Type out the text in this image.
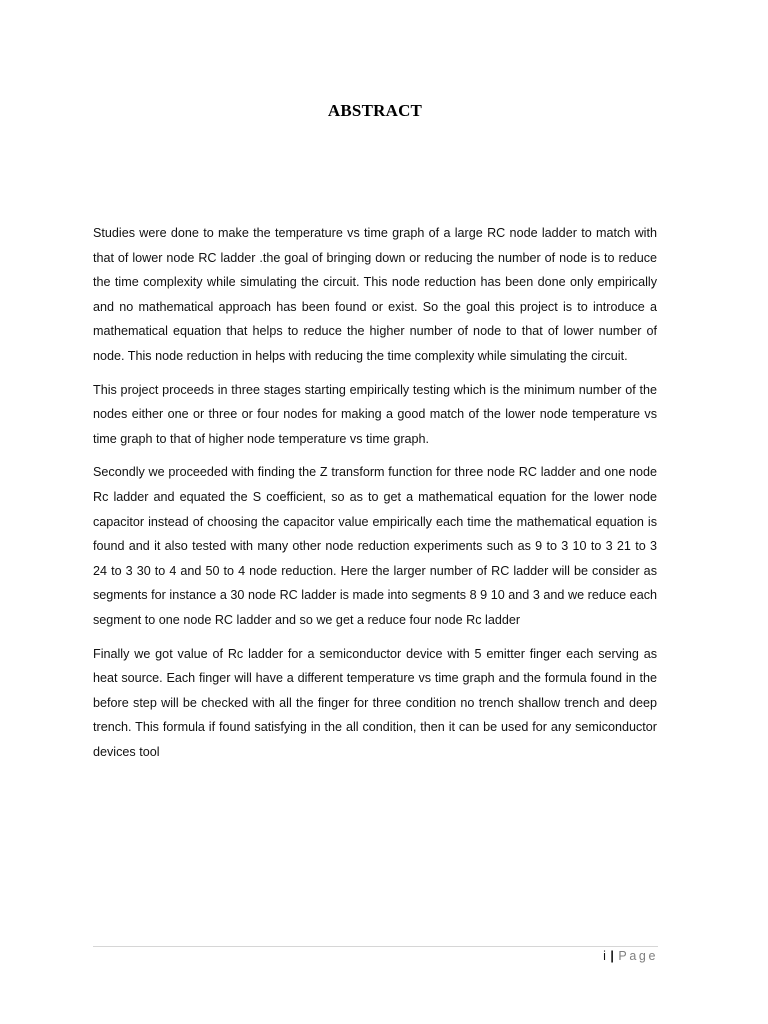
ABSTRACT

Studies were done to make the temperature vs time graph of a large RC node ladder to match with that of lower node RC ladder .the goal of bringing down or reducing the number of node is to reduce the time complexity while simulating the circuit. This node reduction has been done only empirically and no mathematical approach has been found or exist. So the goal this project is to introduce a mathematical equation that helps to reduce the higher number of node to that of lower number of node. This node reduction in helps with reducing the time complexity while simulating the circuit.

This project proceeds in three stages starting empirically testing which is the minimum number of the nodes either one or three or four nodes for making a good match of the lower node temperature vs time graph to that of higher node temperature vs time graph.

Secondly we proceeded with finding the Z transform function for three node RC ladder and one node Rc ladder and equated the S coefficient, so as to get a mathematical equation for the lower node capacitor instead of choosing the capacitor value empirically each time the mathematical equation is found and it also tested with many other node reduction experiments such as 9 to 3 10 to 3 21 to 3 24 to 3 30 to 4 and 50 to 4 node reduction. Here the larger number of RC ladder will be consider as segments for instance a 30 node RC ladder is made into segments 8 9 10 and 3 and we reduce each segment to one node RC ladder and so we get a reduce four node Rc ladder

Finally we got value of Rc ladder for a semiconductor device with 5 emitter finger each serving as heat source. Each finger will have a different temperature vs time graph and the formula found in the before step will be checked with all the finger for three condition no trench shallow trench and deep trench. This formula if found satisfying in the all condition, then it can be used for any semiconductor devices tool

i | Page
